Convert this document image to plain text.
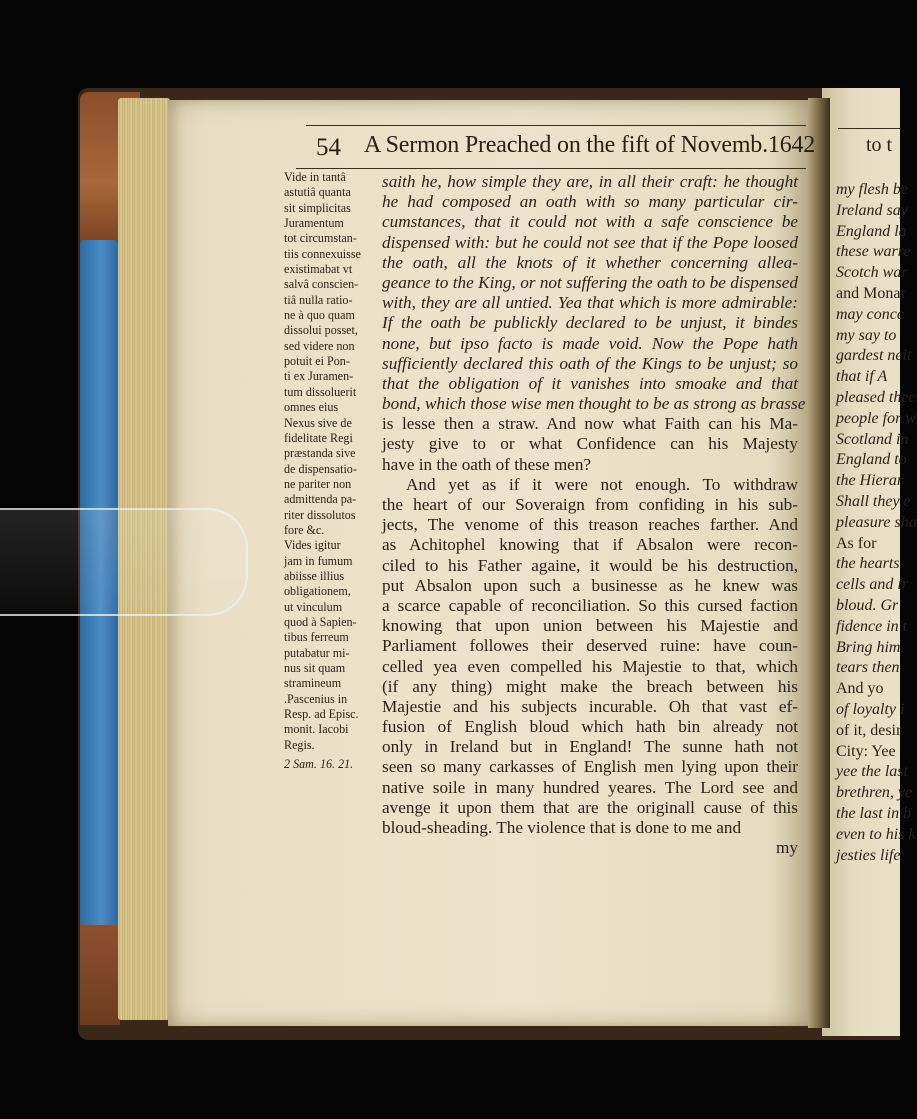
54 A Sermon Preached on the fift of Novemb.1642
Vide in tantâ
astutiâ quanta
sit simplicitas
Juramentum
tot circumstan-
tiis connexuisse
existimabat vt
salvâ conscien-
tiâ nulla ratio-
ne à quo quam
dissolui posset,
sed videre non
potuit ei Pon-
ti ex Juramen-
tum dissoluerit
omnes eius
Nexus sive de
fidelitate Regi
præstanda sive
de dispensatio-
ne pariter non
admittenda pa-
riter dissolutos
fore &c.
Vides igitur
jam in fumum
abiisse illius
obligationem,
ut vinculum
quod à Sapien-
tibus ferreum
putabatur mi-
nus sit quam
stramineum
.Pascenius in
Resp. ad Episc.
monit. Iacobi
Regis.
2 Sam. 16. 21.
saith he, how simple they are, in all their craft: he thought
he had composed an oath with so many particular cir-
cumstances, that it could not with a safe conscience be
dispensed with: but he could not see that if the Pope loosed
the oath, all the knots of it whether concerning allea-
geance to the King, or not suffering the oath to be dispensed
with, they are all untied. Yea that which is more admirable:
If the oath be publickly declared to be unjust, it bindes
none, but ipso facto is made void. Now the Pope hath
sufficiently declared this oath of the Kings to be unjust; so
that the obligation of it vanishes into smoake and that
bond, which those wise men thought to be as strong as brasse
is lesse then a straw. And now what Faith can his Ma-
jesty give to or what Confidence can his Majesty
have in the oath of these men?
And yet as if it were not enough. To withdraw
the heart of our Soveraign from confiding in his sub-
jects, The venome of this treason reaches farther. And
as Achitophel knowing that if Absalon were recon-
ciled to his Father againe, it would be his destruction,
put Absalon upon such a businesse as he knew was
a scarce capable of reconciliation. So this cursed faction
knowing that upon union between his Majestie and
Parliament followes their deserved ruine: have coun-
celled yea even compelled his Majestie to that, which
(if any thing) might make the breach between his
Majestie and his subjects incurable. Oh that vast ef-
fusion of English bloud which hath bin already not
only in Ireland but in England! The sunne hath not
seen so many carkasses of English men lying upon their
native soile in many hundred yeares. The Lord see and
avenge it upon them that are the originall cause of this
bloud-sheading. The violence that is done to me and
my
to t
my flesh be
Ireland say
England la
these warre
Scotch war
and Monar
may conce
my say to
gardest neit
that if A
pleased thee
people for w
Scotland in
England to
the Hierar
Shall they e
pleasure sha
As for
the hearts
cells and ir
bloud. Gr
fidence in t
Bring him
tears then
And yo
of loyalty i
of it, desir
City: Yee
yee the last
brethren, ye
the last in b
even to his k
jesties life
